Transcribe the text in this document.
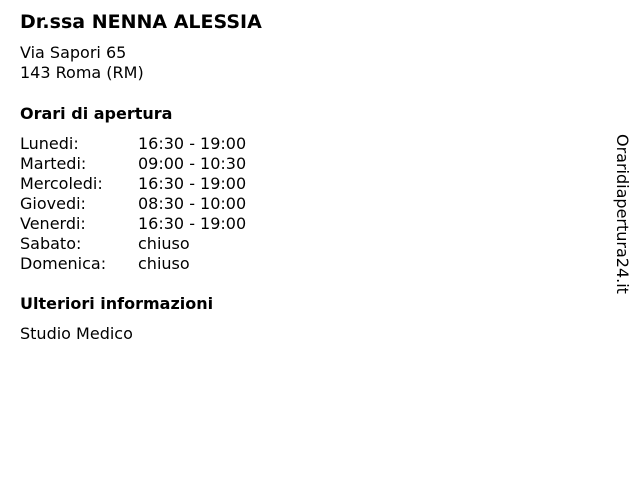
Dr.ssa NENNA ALESSIA
Via Sapori 65
143 Roma (RM)
Orari di apertura
Lunedi:	16:30 - 19:00
Martedi:	09:00 - 10:30
Mercoledi:	16:30 - 19:00
Giovedi:	08:30 - 10:00
Venerdi:	16:30 - 19:00
Sabato:	chiuso
Domenica:	chiuso
Ulteriori informazioni
Studio Medico
Oraridiapertura24.it
